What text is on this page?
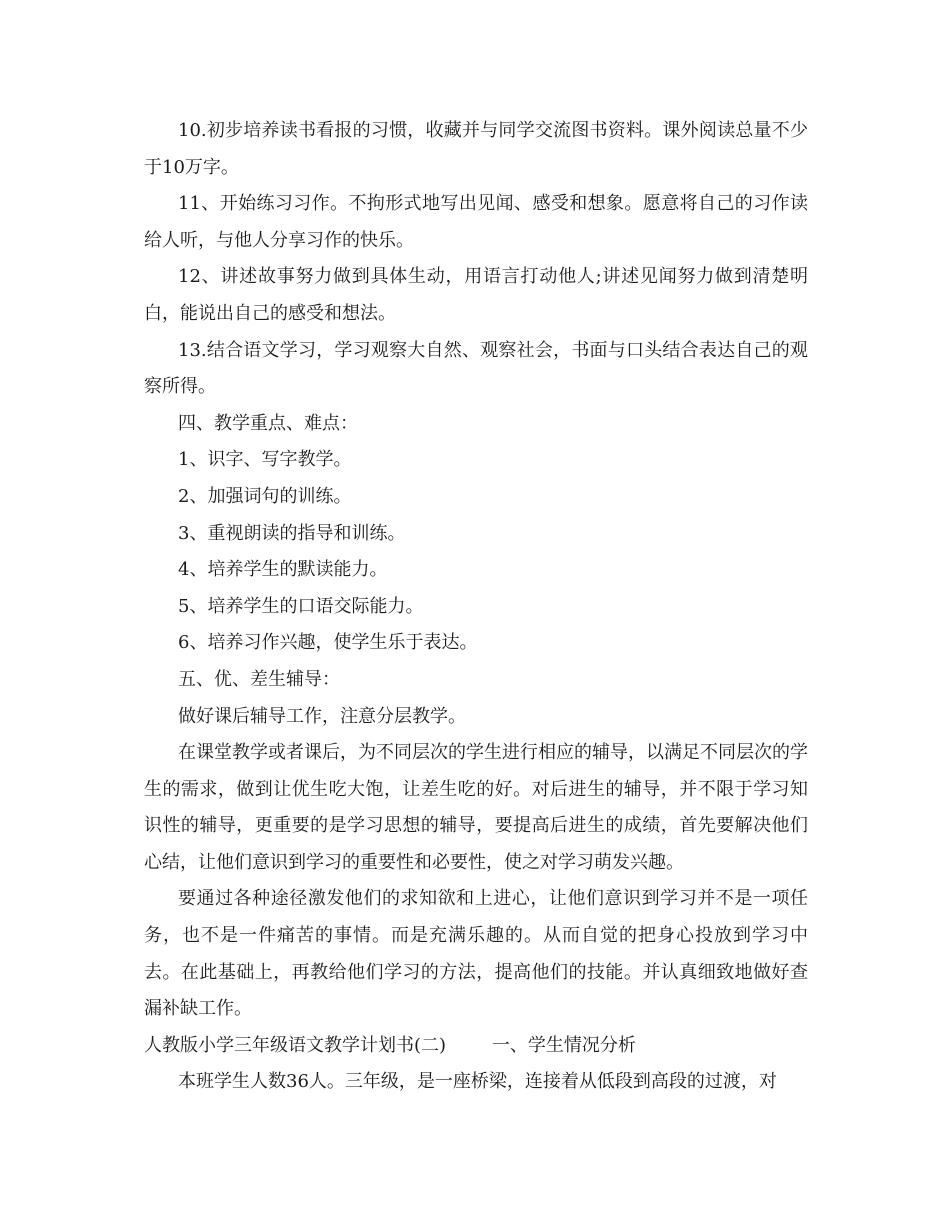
10.初步培养读书看报的习惯，收藏并与同学交流图书资料。课外阅读总量不少于10万字。

11、开始练习习作。不拘形式地写出见闻、感受和想象。愿意将自己的习作读给人听，与他人分享习作的快乐。

12、讲述故事努力做到具体生动，用语言打动他人;讲述见闻努力做到清楚明白，能说出自己的感受和想法。

13.结合语文学习，学习观察大自然、观察社会，书面与口头结合表达自己的观察所得。

四、教学重点、难点：

1、识字、写字教学。

2、加强词句的训练。

3、重视朗读的指导和训练。

4、培养学生的默读能力。

5、培养学生的口语交际能力。

6、培养习作兴趣，使学生乐于表达。

五、优、差生辅导：

做好课后辅导工作，注意分层教学。

在课堂教学或者课后，为不同层次的学生进行相应的辅导，以满足不同层次的学生的需求，做到让优生吃大饱，让差生吃的好。对后进生的辅导，并不限于学习知识性的辅导，更重要的是学习思想的辅导，要提高后进生的成绩，首先要解决他们心结，让他们意识到学习的重要性和必要性，使之对学习萌发兴趣。

要通过各种途径激发他们的求知欲和上进心，让他们意识到学习并不是一项任务，也不是一件痛苦的事情。而是充满乐趣的。从而自觉的把身心投放到学习中去。在此基础上，再教给他们学习的方法，提高他们的技能。并认真细致地做好查漏补缺工作。

人教版小学三年级语文教学计划书(二)	一、学生情况分析

本班学生人数36人。三年级，是一座桥梁，连接着从低段到高段的过渡，对
